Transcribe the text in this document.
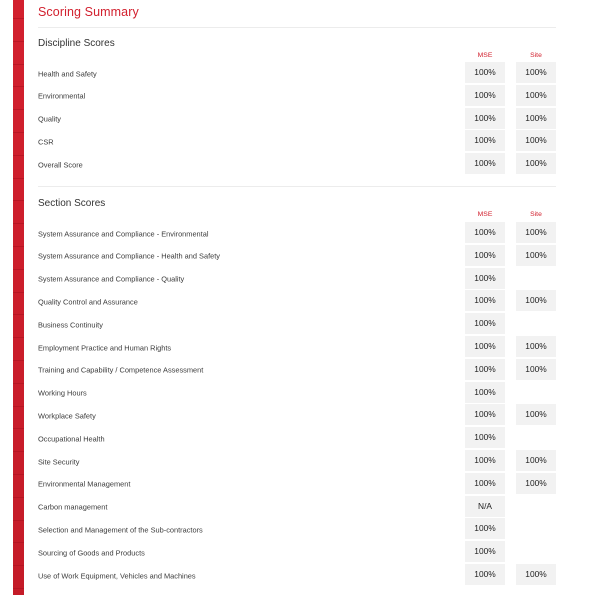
Scoring Summary
Discipline Scores
MSE	Site
Health and Safety	100%	100%
Environmental	100%	100%
Quality	100%	100%
CSR	100%	100%
Overall Score	100%	100%
Section Scores
MSE	Site
System Assurance and Compliance - Environmental	100%	100%
System Assurance and Compliance - Health and Safety	100%	100%
System Assurance and Compliance - Quality	100%
Quality Control and Assurance	100%	100%
Business Continuity	100%
Employment Practice and Human Rights	100%	100%
Training and Capability / Competence Assessment	100%	100%
Working Hours	100%
Workplace Safety	100%	100%
Occupational Health	100%
Site Security	100%	100%
Environmental Management	100%	100%
Carbon management	N/A
Selection and Management of the Sub-contractors	100%
Sourcing of Goods and Products	100%
Use of Work Equipment, Vehicles and Machines	100%	100%
